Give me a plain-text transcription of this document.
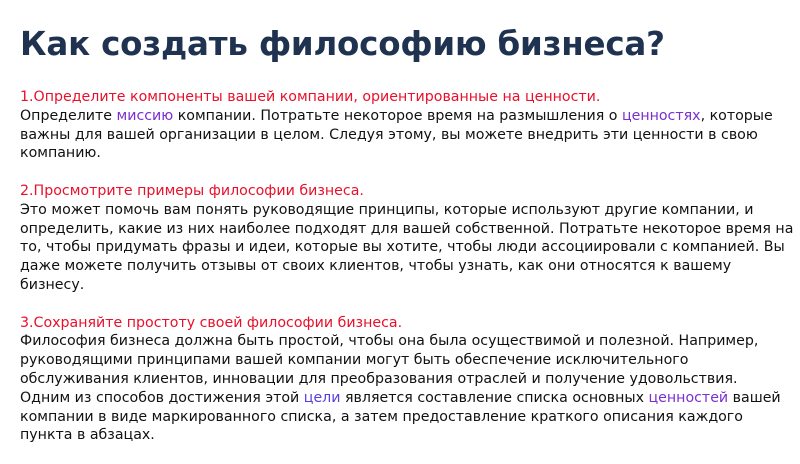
Как создать философию бизнеса?
1.Определите компоненты вашей компании, ориентированные на ценности.

Определите миссию компании. Потратьте некоторое время на размышления о ценностях, которые важны для вашей организации в целом. Следуя этому, вы можете внедрить эти ценности в свою компанию.

2.Просмотрите примеры философии бизнеса.

Это может помочь вам понять руководящие принципы, которые используют другие компании, и определить, какие из них наиболее подходят для вашей собственной. Потратьте некоторое время на то, чтобы придумать фразы и идеи, которые вы хотите, чтобы люди ассоциировали с компанией. Вы даже можете получить отзывы от своих клиентов, чтобы узнать, как они относятся к вашему бизнесу.

3.Сохраняйте простоту своей философии бизнеса.

Философия бизнеса должна быть простой, чтобы она была осуществимой и полезной. Например, руководящими принципами вашей компании могут быть обеспечение исключительного обслуживания клиентов, инновации для преобразования отраслей и получение удовольствия.

Одним из способов достижения этой цели является составление списка основных ценностей вашей компании в виде маркированного списка, а затем предоставление краткого описания каждого пункта в абзацах.
